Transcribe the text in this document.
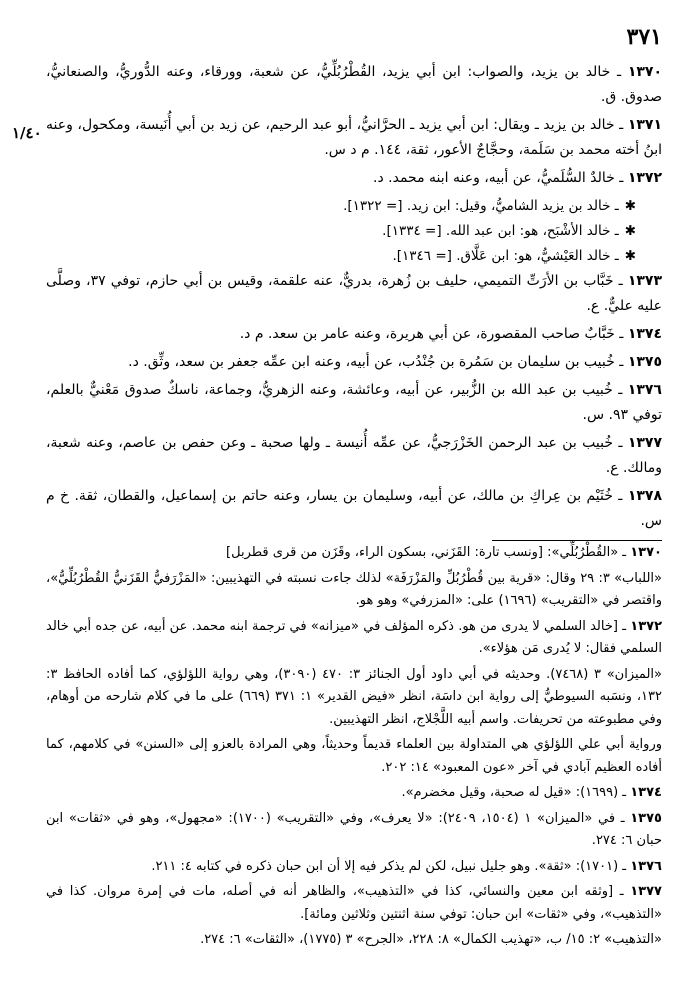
٣٧١
١/٤٠

١٣٧٠ ـ خالد بن يزيد، والصواب: ابن أبي يزيد، القُطْرُبُلِّيُّ، عن شعبة، وورقاء، وعنه الدُّوريُّ، والصنعانيُّ، صدوق. ق.

١٣٧١ ـ خالد بن يزيد ـ ويقال: ابن أبي يزيد ـ الحرَّانيُّ، أبو عبد الرحيم، عن زيد بن أبي أُنَيسة، ومكحول، وعنه ابنُ أخته محمد بن سَلَمة، وحجَّاجٌ الأعور، ثقة، ١٤٤. م د س.

١٣٧٢ ـ خالدٌ السُّلَميُّ، عن أبيه، وعنه ابنه محمد. د.

✱ـ خالد بن يزيد الشاميُّ، وقيل: ابن زيد. [= ١٣٢٢].
✱ـ خالد الأشْبَح، هو: ابن عبد الله. [= ١٣٣٤].
✱ـ خالد العَيْشيُّ، هو: ابن عَلَّاق. [= ١٣٤٦].

١٣٧٣ ـ خَبَّاب بن الأرَتِّ التميمي، حليف بن زُهرة، بدريٌّ، عنه علقمة، وقيس بن أبي حازم، توفي ٣٧، وصلَّى عليه عليٌّ. ع.

١٣٧٤ ـ خَبَّابٌ صاحب المقصورة، عن أبي هريرة، وعنه عامر بن سعد. م د.

١٣٧٥ ـ خُبيب بن سليمان بن سَمُرة بن جُنْدُب، عن أبيه، وعنه ابن عمِّه جعفر بن سعد، وثِّق. د.

١٣٧٦ ـ خُبيب بن عبد الله بن الزُّبير، عن أبيه، وعائشة، وعنه الزهريُّ، وجماعة، ناسكٌ صدوق مَعْنيٌّ بالعلم، توفي ٩٣. س.

١٣٧٧ ـ خُبيب بن عبد الرحمن الخَزْرَجيُّ، عن عمِّه أُنيسة ـ ولها صحبة ـ وعن حفص بن عاصم، وعنه شعبة، ومالك. ع.

١٣٧٨ ـ خُثَيْم بن عِراكِ بن مالك، عن أبيه، وسليمان بن يسار، وعنه حاتم بن إسماعيل، والقطان، ثقة. خ م س.

١٣٧٠ ـ «القُطْرُبُلِّي»: [ونسب تارة: القَزَني، بسكون الراء، وقَزَن من قرى قطربل]

«اللباب» ٣: ٢٩ وقال: «قرية بين قُطْرُبُلِّ والمَزْرَفَة» لذلك جاءت نسبته في التهذيبين: «المَزْرَفيُّ القَزَنيُّ القُطْرُبُلِّيُّ»، واقتصر في «التقريب» (١٦٩٦) على: «المزرفي» وهو هو.

١٣٧٢ ـ [خالد السلمي لا يدرى من هو. ذكره المؤلف في «ميزانه» في ترجمة ابنه محمد. عن أبيه، عن جده أبي خالد السلمي فقال: لا يُدرى مَن هؤلاء».

«الميزان» ٣ (٧٤٦٨). وحديثه في أبي داود أول الجنائز ٣: ٤٧٠ (٣٠٩٠)، وهي رواية اللؤلؤي، كما أفاده الحافظ ٣: ١٣٢، ونسَبه السيوطيُّ إلى رواية ابن داسَة، انظر «فيض القدير» ١: ٣٧١ (٦٦٩) على ما في كلام شارحه من أوهام، وفي مطبوعته من تحريفات. واسم أبيه اللَّجْلاج، انظر التهذيبين.

ورواية أبي علي اللؤلؤي هي المتداولة بين العلماء قديماً وحديثاً، وهي المرادة بالعزو إلى «السنن» في كلامهم، كما أفاده العظيم آبادي في آخر «عون المعبود» ١٤: ٢٠٢.

١٣٧٤ ـ (١٦٩٩): «قيل له صحبة، وقيل مخضرم».

١٣٧٥ ـ في «الميزان» ١ (١٥٠٤، ٢٤٠٩): «لا يعرف»، وفي «التقريب» (١٧٠٠): «مجهول»، وهو في «ثقات» ابن حبان ٦: ٢٧٤.

١٣٧٦ ـ (١٧٠١): «ثقة». وهو جليل نبيل، لكن لم يذكر فيه إلا أن ابن حبان ذكره في كتابه ٤: ٢١١.

١٣٧٧ ـ [وثقه ابن معين والنسائي، كذا في «التذهيب»، والظاهر أنه في أصله، مات في إمرة مروان. كذا في «التذهيب»، وفي «ثقات» ابن حبان: توفي سنة اثنتين وثلاثين ومائة].

«التذهيب» ٢: ١٥/ ب، «تهذيب الكمال» ٨: ٢٢٨، «الجرح» ٣ (١٧٧٥)، «الثقات» ٦: ٢٧٤.
